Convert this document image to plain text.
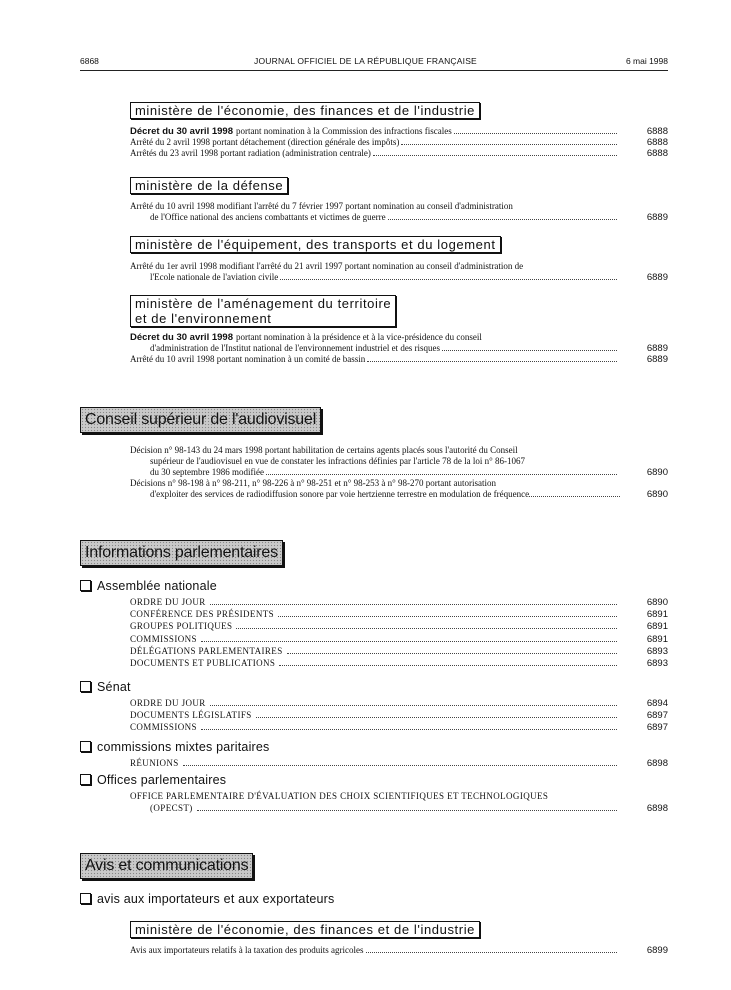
6868	JOURNAL OFFICIEL DE LA RÉPUBLIQUE FRANÇAISE	6 mai 1998
ministère de l'économie, des finances et de l'industrie
Décret du 30 avril 1998 portant nomination à la Commission des infractions fiscales	6888
Arrêté du 2 avril 1998 portant détachement (direction générale des impôts)	6888
Arrêtés du 23 avril 1998 portant radiation (administration centrale)	6888
ministère de la défense
Arrêté du 10 avril 1998 modifiant l'arrêté du 7 février 1997 portant nomination au conseil d'administration
de l'Office national des anciens combattants et victimes de guerre	6889
ministère de l'équipement, des transports et du logement
Arrêté du 1er avril 1998 modifiant l'arrêté du 21 avril 1997 portant nomination au conseil d'administration de
l'Ecole nationale de l'aviation civile	6889
ministère de l'aménagement du territoire
et de l'environnement
Décret du 30 avril 1998 portant nomination à la présidence et à la vice-présidence du conseil
d'administration de l'Institut national de l'environnement industriel et des risques	6889
Arrêté du 10 avril 1998 portant nomination à un comité de bassin	6889
Conseil supérieur de l'audiovisuel
Décision n° 98-143 du 24 mars 1998 portant habilitation de certains agents placés sous l'autorité du Conseil
supérieur de l'audiovisuel en vue de constater les infractions définies par l'article 78 de la loi n° 86-1067
du 30 septembre 1986 modifiée	6890
Décisions n° 98-198 à n° 98-211, n° 98-226 à n° 98-251 et n° 98-253 à n° 98-270 portant autorisation
d'exploiter des services de radiodiffusion sonore par voie hertzienne terrestre en modulation de fréquence	6890
Informations parlementaires
Assemblée nationale
ORDRE DU JOUR	6890
CONFÉRENCE DES PRÉSIDENTS	6891
GROUPES POLITIQUES	6891
COMMISSIONS	6891
DÉLÉGATIONS PARLEMENTAIRES	6893
DOCUMENTS ET PUBLICATIONS	6893
Sénat
ORDRE DU JOUR	6894
DOCUMENTS LÉGISLATIFS	6897
COMMISSIONS	6897
commissions mixtes paritaires
RÉUNIONS	6898
Offices parlementaires
OFFICE PARLEMENTAIRE D'ÉVALUATION DES CHOIX SCIENTIFIQUES ET TECHNOLOGIQUES
(OPECST)	6898
Avis et communications
avis aux importateurs et aux exportateurs
ministère de l'économie, des finances et de l'industrie
Avis aux importateurs relatifs à la taxation des produits agricoles	6899
